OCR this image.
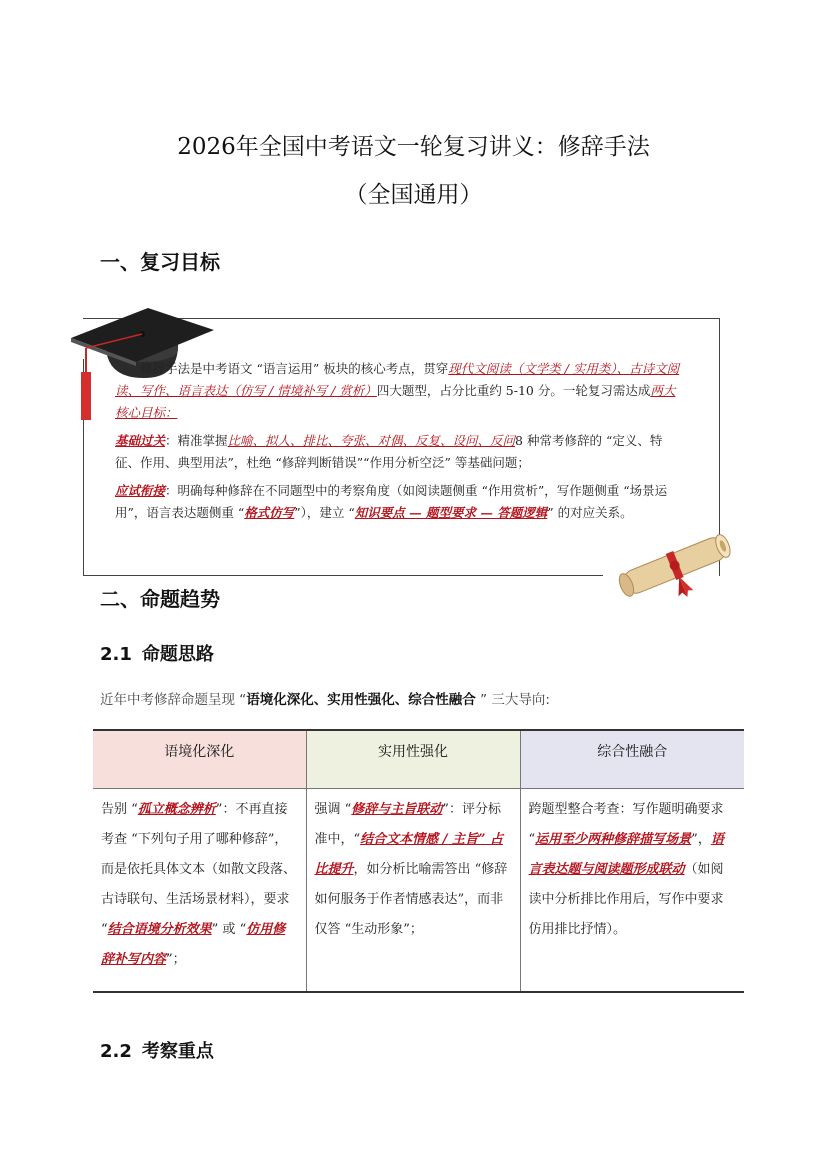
2026年全国中考语文一轮复习讲义：修辞手法
（全国通用）
一、复习目标

修辞手法是中考语文 “语言运用” 板块的核心考点，贯穿现代文阅读（文学类 / 实用类）、古诗文阅读、写作、语言表达（仿写 / 情境补写 / 赏析）四大题型，占分比重约 5-10 分。一轮复习需达成两大核心目标：

基础过关：精准掌握比喻、拟人、排比、夸张、对偶、反复、设问、反问8 种常考修辞的 “定义、特征、作用、典型用法”，杜绝 “修辞判断错误”“作用分析空泛” 等基础问题；

应试衔接：明确每种修辞在不同题型中的考察角度（如阅读题侧重 “作用赏析”，写作题侧重 “场景运用”，语言表达题侧重 “格式仿写”），建立 “知识要点 — 题型要求 — 答题逻辑” 的对应关系。

二、命题趋势
2.1 命题思路
近年中考修辞命题呈现 “语境化深化、实用性强化、综合性融合 ” 三大导向:
语境化深化	实用性强化	综合性融合
告别 “孤立概念辨析”：不再直接考查 “下列句子用了哪种修辞”，而是依托具体文本（如散文段落、古诗联句、生活场景材料），要求 “结合语境分析效果” 或 “仿用修辞补写内容”；	强调 “修辞与主旨联动”：评分标准中，“结合文本情感 / 主旨” 占比提升，如分析比喻需答出 “修辞如何服务于作者情感表达”，而非仅答 “生动形象”；	跨题型整合考查：写作题明确要求 “运用至少两种修辞描写场景”，语言表达题与阅读题形成联动（如阅读中分析排比作用后，写作中要求仿用排比抒情）。
2.2 考察重点
